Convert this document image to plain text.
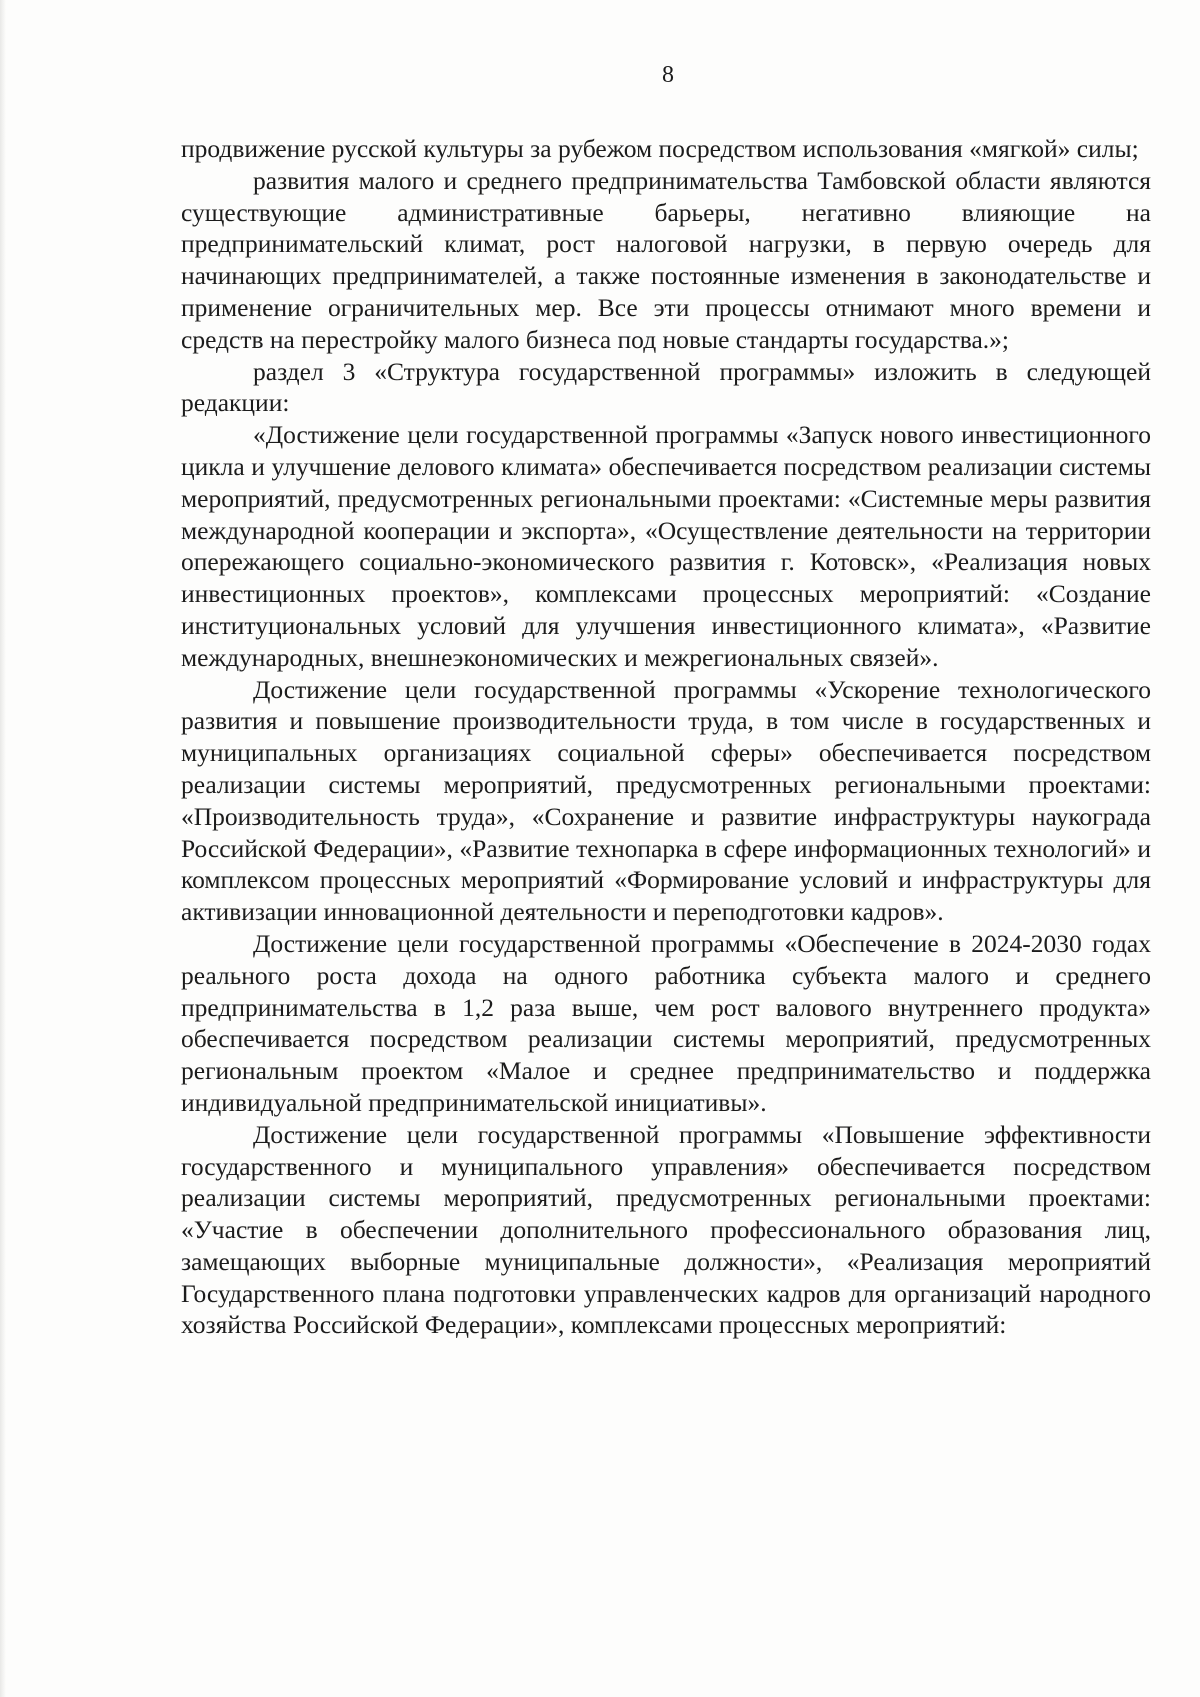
8

продвижение русской культуры за рубежом посредством использования «мягкой» силы;

развития малого и среднего предпринимательства Тамбовской области являются существующие административные барьеры, негативно влияющие на предпринимательский климат, рост налоговой нагрузки, в первую очередь для начинающих предпринимателей, а также постоянные изменения в законодательстве и применение ограничительных мер. Все эти процессы отнимают много времени и средств на перестройку малого бизнеса под новые стандарты государства.»;

раздел 3 «Структура государственной программы» изложить в следующей редакции:

«Достижение цели государственной программы «Запуск нового инвестиционного цикла и улучшение делового климата» обеспечивается посредством реализации системы мероприятий, предусмотренных региональными проектами: «Системные меры развития международной кооперации и экспорта», «Осуществление деятельности на территории опережающего социально-экономического развития г. Котовск», «Реализация новых инвестиционных проектов», комплексами процессных мероприятий: «Создание институциональных условий для улучшения инвестиционного климата», «Развитие международных, внешнеэкономических и межрегиональных связей».

Достижение цели государственной программы «Ускорение технологического развития и повышение производительности труда, в том числе в государственных и муниципальных организациях социальной сферы» обеспечивается посредством реализации системы мероприятий, предусмотренных региональными проектами: «Производительность труда», «Сохранение и развитие инфраструктуры наукограда Российской Федерации», «Развитие технопарка в сфере информационных технологий» и комплексом процессных мероприятий «Формирование условий и инфраструктуры для активизации инновационной деятельности и переподготовки кадров».

Достижение цели государственной программы «Обеспечение в 2024-2030 годах реального роста дохода на одного работника субъекта малого и среднего предпринимательства в 1,2 раза выше, чем рост валового внутреннего продукта» обеспечивается посредством реализации системы мероприятий, предусмотренных региональным проектом «Малое и среднее предпринимательство и поддержка индивидуальной предпринимательской инициативы».

Достижение цели государственной программы «Повышение эффективности государственного и муниципального управления» обеспечивается посредством реализации системы мероприятий, предусмотренных региональными проектами: «Участие в обеспечении дополнительного профессионального образования лиц, замещающих выборные муниципальные должности», «Реализация мероприятий Государственного плана подготовки управленческих кадров для организаций народного хозяйства Российской Федерации», комплексами процессных мероприятий:
